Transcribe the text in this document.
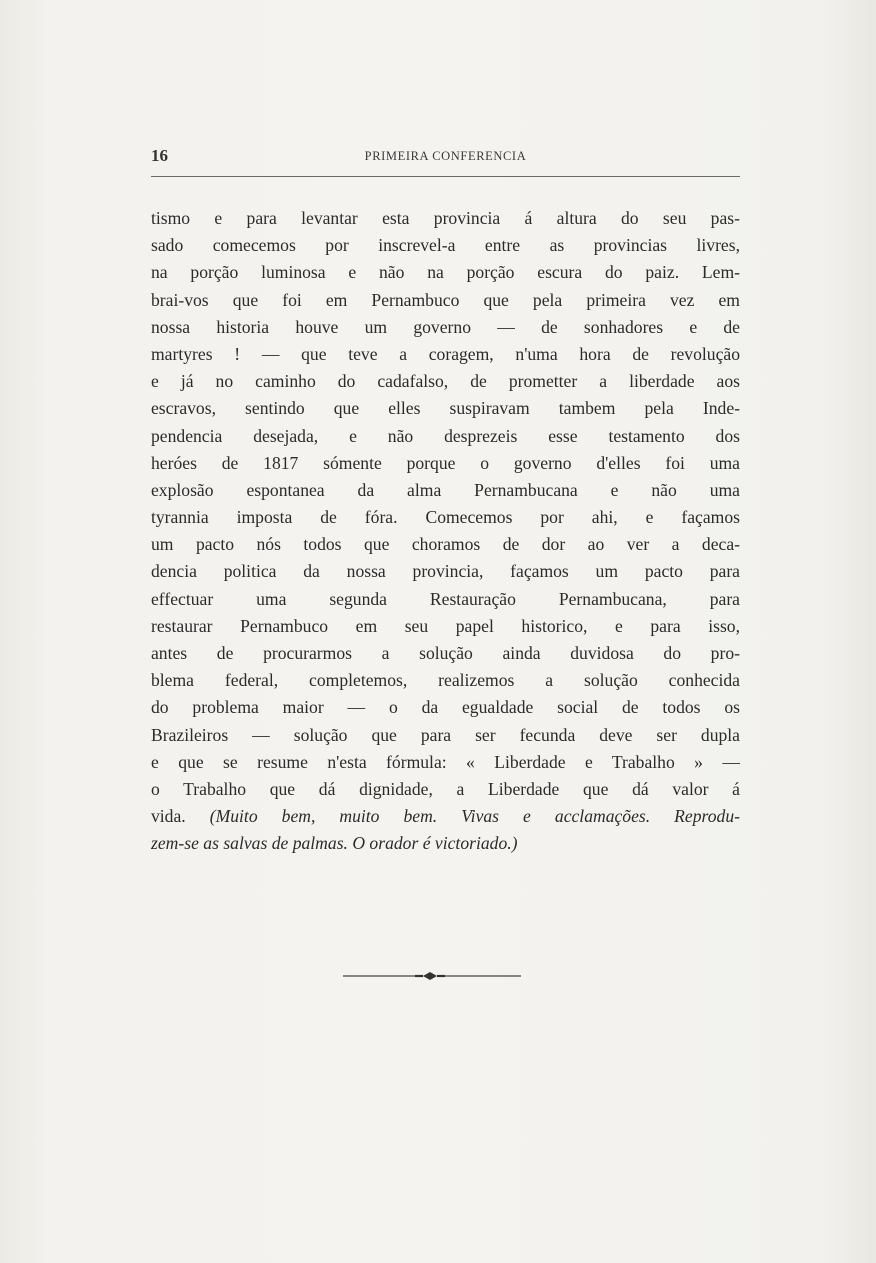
16	PRIMEIRA CONFERENCIA
tismo e para levantar esta provincia á altura do seu pas-
sado comecemos por inscrevel-a entre as provincias livres,
na porção luminosa e não na porção escura do paiz. Lem-
brai-vos que foi em Pernambuco que pela primeira vez em
nossa historia houve um governo — de sonhadores e de
martyres ! — que teve a coragem, n'uma hora de revolução
e já no caminho do cadafalso, de prometter a liberdade aos
escravos, sentindo que elles suspiravam tambem pela Inde-
pendencia desejada, e não desprezeis esse testamento dos
heróes de 1817 sómente porque o governo d'elles foi uma
explosão espontanea da alma Pernambucana e não uma
tyrannia imposta de fóra. Comecemos por ahi, e façamos
um pacto nós todos que choramos de dor ao ver a deca-
dencia politica da nossa provincia, façamos um pacto para
effectuar uma segunda Restauração Pernambucana, para
restaurar Pernambuco em seu papel historico, e para isso,
antes de procurarmos a solução ainda duvidosa do pro-
blema federal, completemos, realizemos a solução conhecida
do problema maior — o da egualdade social de todos os
Brazileiros — solução que para ser fecunda deve ser dupla
e que se resume n'esta fórmula: « Liberdade e Trabalho » —
o Trabalho que dá dignidade, a Liberdade que dá valor á
vida. (Muito bem, muito bem. Vivas e acclamações. Reprodu-
zem-se as salvas de palmas. O orador é victoriado.)
